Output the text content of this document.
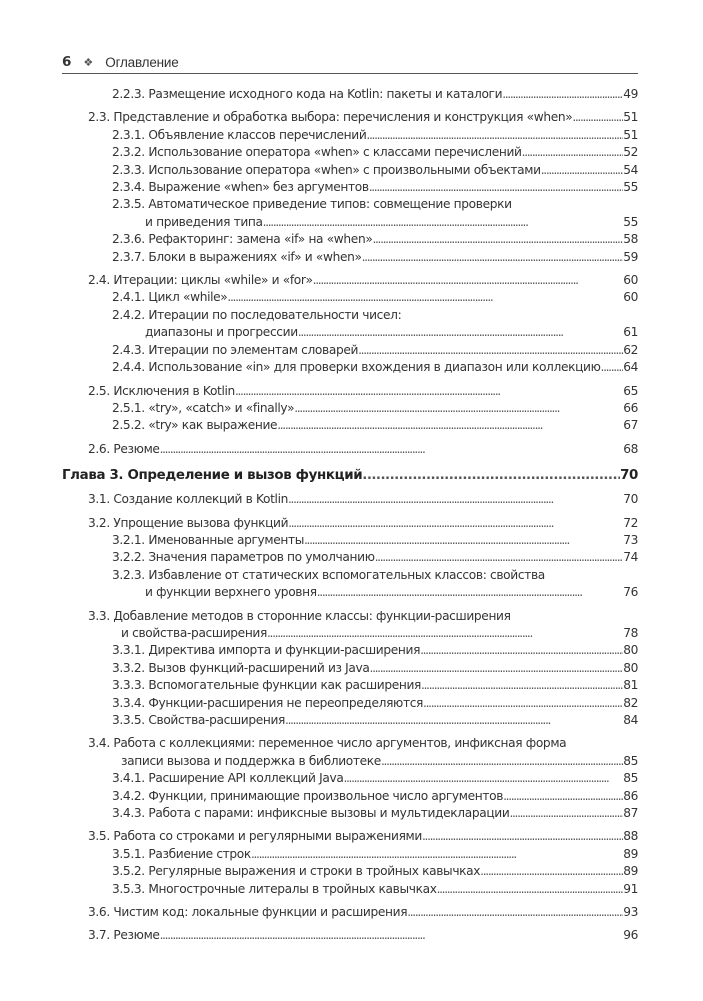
6 ❖ Оглавление
2.2.3. Размещение исходного кода на Kotlin: пакеты и каталоги . . .	49
2.3. Представление и обработка выбора: перечисления и конструкция «when» . . .	51
2.3.1. Объявление классов перечислений . . .	51
2.3.2. Использование оператора «when» с классами перечислений . . .	52
2.3.3. Использование оператора «when» с произвольными объектами . . .	54
2.3.4. Выражение «when» без аргументов . . .	55
2.3.5. Автоматическое приведение типов: совмещение проверки
и приведения типа . . .	55
2.3.6. Рефакторинг: замена «if» на «when» . . .	58
2.3.7. Блоки в выражениях «if» и «when» . . .	59
2.4. Итерации: циклы «while» и «for» . . .	60
2.4.1. Цикл «while» . . .	60
2.4.2. Итерации по последовательности чисел:
диапазоны и прогрессии . . .	61
2.4.3. Итерации по элементам словарей . . .	62
2.4.4. Использование «in» для проверки вхождения в диапазон или коллекцию . . . 64
2.5. Исключения в Kotlin . . .	65
2.5.1. «try», «catch» и «finally» . . .	66
2.5.2. «try» как выражение . . .	67
2.6. Резюме . . .	68
Глава 3. Определение и вызов функций . . .	70
3.1. Создание коллекций в Kotlin . . .	70
3.2. Упрощение вызова функций . . .	72
3.2.1. Именованные аргументы . . .	73
3.2.2. Значения параметров по умолчанию . . .	74
3.2.3. Избавление от статических вспомогательных классов: свойства
и функции верхнего уровня . . .	76
3.3. Добавление методов в сторонние классы: функции-расширения
и свойства-расширения . . .	78
3.3.1. Директива импорта и функции-расширения . . .	80
3.3.2. Вызов функций-расширений из Java . . .	80
3.3.3. Вспомогательные функции как расширения . . .	81
3.3.4. Функции-расширения не переопределяются . . .	82
3.3.5. Свойства-расширения . . .	84
3.4. Работа с коллекциями: переменное число аргументов, инфиксная форма
записи вызова и поддержка в библиотеке . . .	85
3.4.1. Расширение API коллекций Java . . .	85
3.4.2. Функции, принимающие произвольное число аргументов . . .	86
3.4.3. Работа с парами: инфиксные вызовы и мультидекларации . . .	87
3.5. Работа со строками и регулярными выражениями . . .	88
3.5.1. Разбиение строк . . .	89
3.5.2. Регулярные выражения и строки в тройных кавычках . . .	89
3.5.3. Многострочные литералы в тройных кавычках . . .	91
3.6. Чистим код: локальные функции и расширения . . .	93
3.7. Резюме . . .	96
